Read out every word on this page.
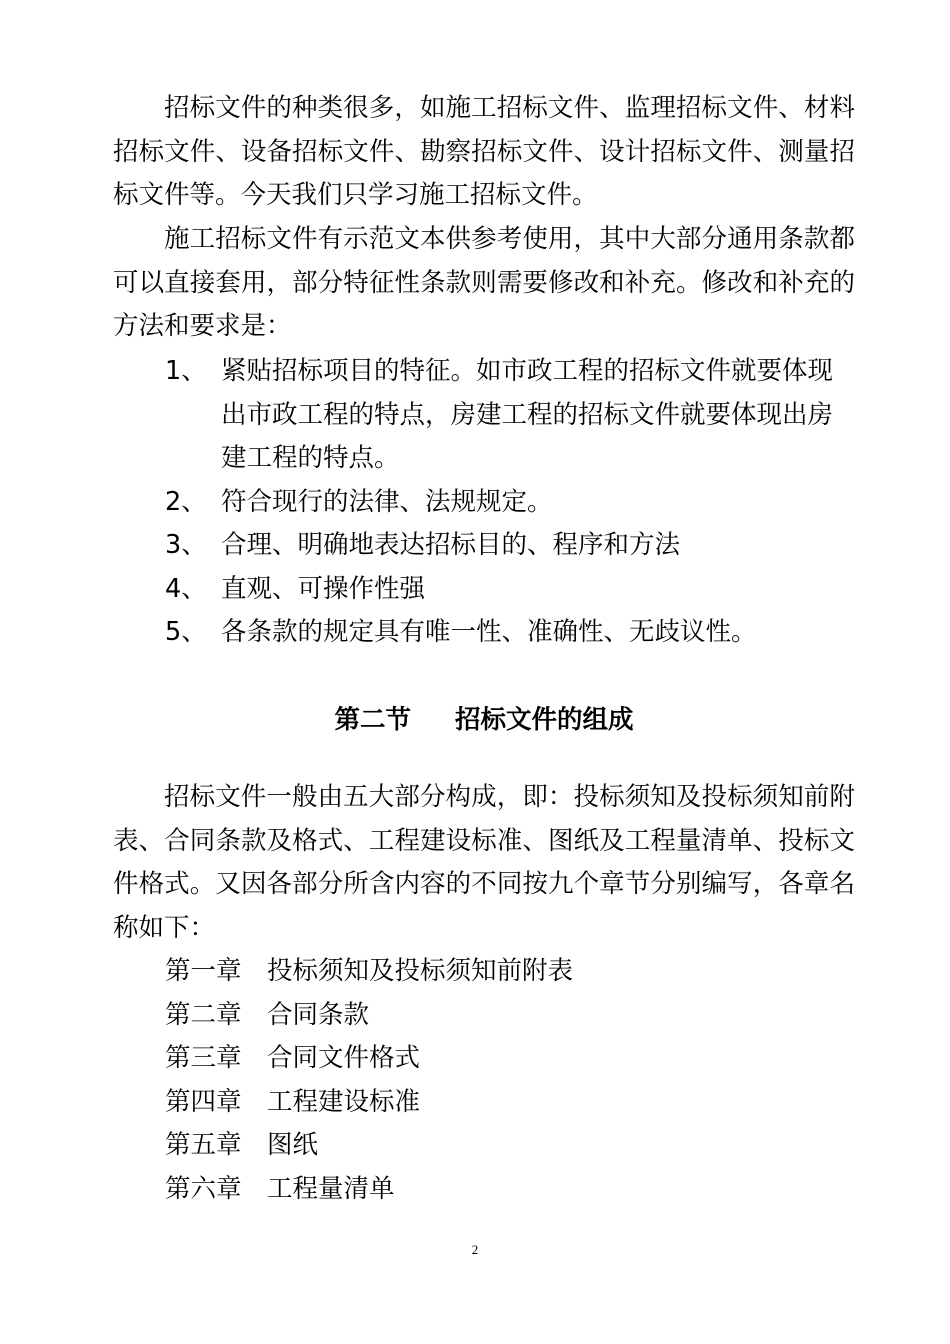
招标文件的种类很多，如施工招标文件、监理招标文件、材料招标文件、设备招标文件、勘察招标文件、设计招标文件、测量招标文件等。今天我们只学习施工招标文件。

施工招标文件有示范文本供参考使用，其中大部分通用条款都可以直接套用，部分特征性条款则需要修改和补充。修改和补充的方法和要求是：

1、 紧贴招标项目的特征。如市政工程的招标文件就要体现出市政工程的特点，房建工程的招标文件就要体现出房建工程的特点。
2、 符合现行的法律、法规规定。
3、 合理、明确地表达招标目的、程序和方法
4、 直观、可操作性强
5、 各条款的规定具有唯一性、准确性、无歧议性。
第二节 招标文件的组成

招标文件一般由五大部分构成，即：投标须知及投标须知前附表、合同条款及格式、工程建设标准、图纸及工程量清单、投标文件格式。又因各部分所含内容的不同按九个章节分别编写，各章名称如下：

第一章 投标须知及投标须知前附表
第二章 合同条款
第三章 合同文件格式
第四章 工程建设标准
第五章 图纸
第六章 工程量清单
2
